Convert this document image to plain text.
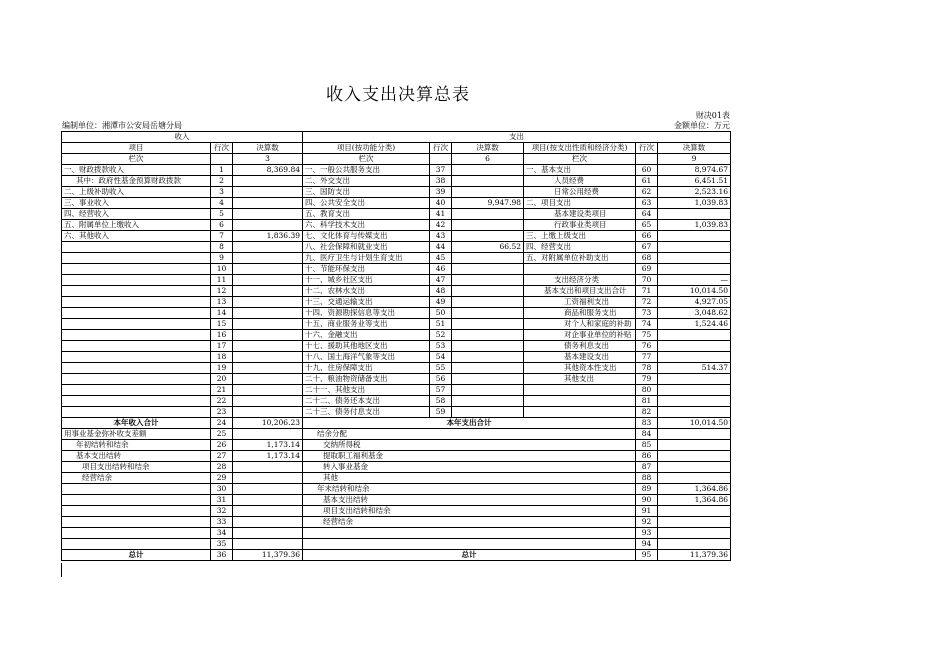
收入支出决算总表
财决01表
编制单位：湘潭市公安局岳塘分局	金额单位：万元
收入			支出					
项目	行次	决算数	项目(按功能分类)	行次	决算数	项目(按支出性质和经济分类)	行次	决算数
栏次		3	栏次		6	栏次		9
一、财政拨款收入	1	8,369.84	一、一般公共服务支出	37		一、基本支出	60	8,974.67
其中：政府性基金预算财政拨款	2		二、外交支出	38		人员经费	61	6,451.51
二、上级补助收入	3		三、国防支出	39		日常公用经费	62	2,523.16
三、事业收入	4		四、公共安全支出	40	9,947.98	二、项目支出	63	1,039.83
四、经营收入	5		五、教育支出	41		基本建设类项目	64	
五、附属单位上缴收入	6		六、科学技术支出	42		行政事业类项目	65	1,039.83
六、其他收入	7	1,836.39	七、文化体育与传媒支出	43		三、上缴上级支出	66	
	8		八、社会保障和就业支出	44	66.52	四、经营支出	67	
	9		九、医疗卫生与计划生育支出	45		五、对附属单位补助支出	68	
	10		十、节能环保支出	46			69	
	11		十一、城乡社区支出	47		支出经济分类	70	—
	12		十二、农林水支出	48		基本支出和项目支出合计	71	10,014.50
	13		十三、交通运输支出	49		工资福利支出	72	4,927.05
	14		十四、资源勘探信息等支出	50		商品和服务支出	73	3,048.62
	15		十五、商业服务业等支出	51		对个人和家庭的补助	74	1,524.46
	16		十六、金融支出	52		对企事业单位的补贴	75	
	17		十七、援助其他地区支出	53		债务利息支出	76	
	18		十八、国土海洋气象等支出	54		基本建设支出	77	
	19		十九、住房保障支出	55		其他资本性支出	78	514.37
	20		二十、粮油物资储备支出	56		其他支出	79	
	21		二十一、其他支出	57			80	
	22		二十二、债务还本支出	58			81	
	23		二十三、债务付息支出	59			82	
本年收入合计	24	10,206.23	本年支出合计				83	10,014.50
用事业基金弥补收支差额	25		结余分配				84	
年初结转和结余	26	1,173.14	交纳所得税				85	
基本支出结转	27	1,173.14	提取职工福利基金				86	
项目支出结转和结余	28		转入事业基金				87	
经营结余	29		其他				88	
	30		年末结转和结余				89	1,364.86
	31		基本支出结转				90	1,364.86
	32		项目支出结转和结余				91	
	33		经营结余				92	
	34						93	
	35						94	
总计	36	11,379.36	总计				95	11,379.36
